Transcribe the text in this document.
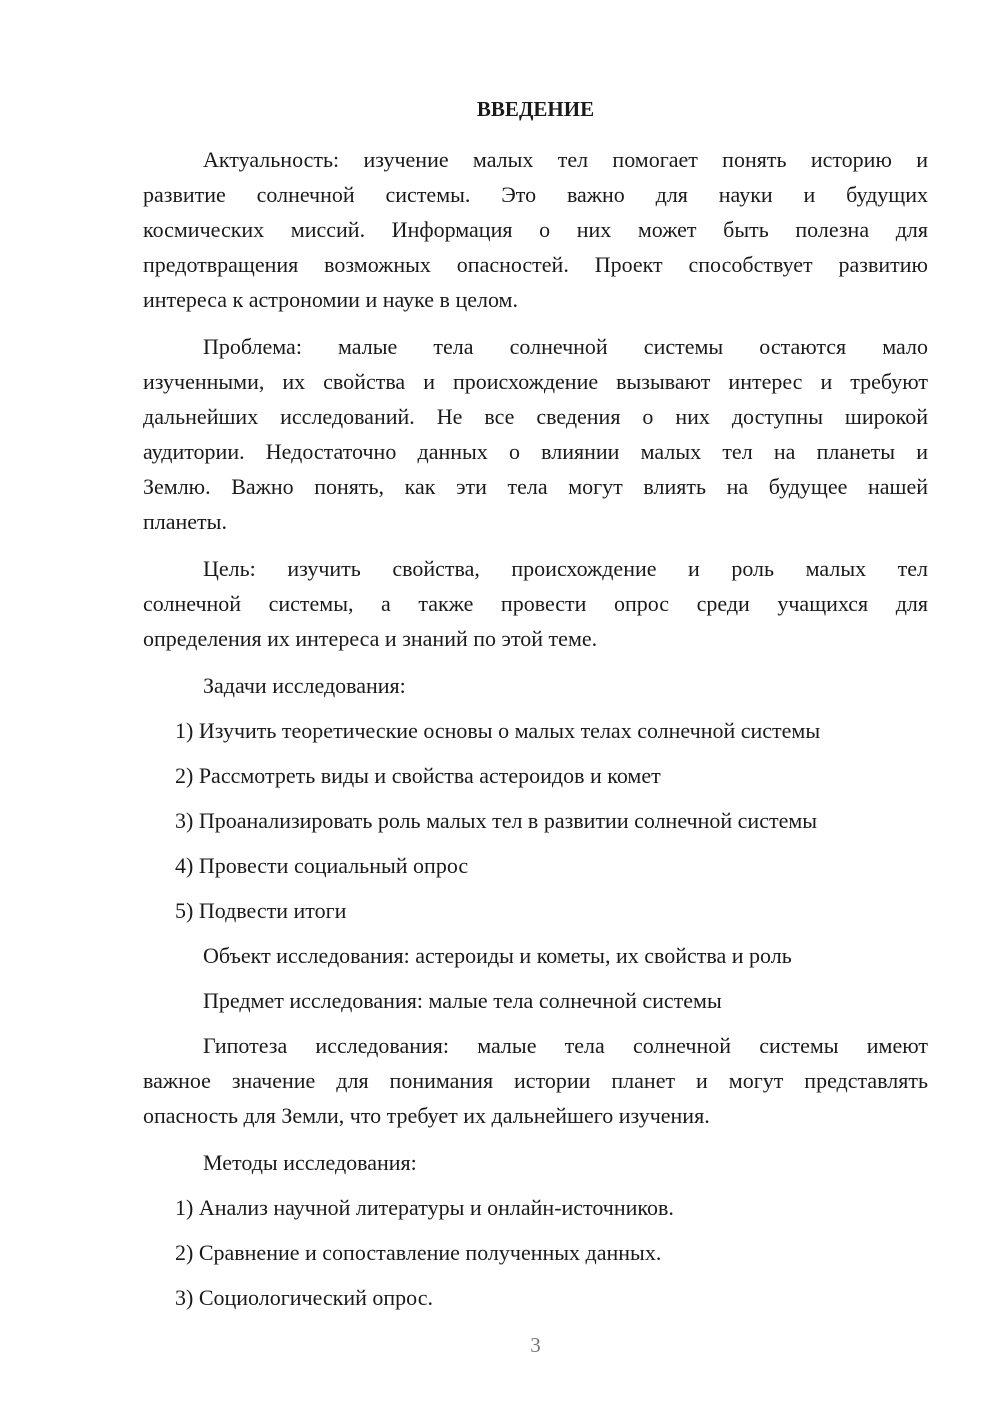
ВВЕДЕНИЕ
Актуальность: изучение малых тел помогает понять историю и
развитие солнечной системы. Это важно для науки и будущих
космических миссий. Информация о них может быть полезна для
предотвращения возможных опасностей. Проект способствует развитию
интереса к астрономии и науке в целом.
Проблема: малые тела солнечной системы остаются мало
изученными, их свойства и происхождение вызывают интерес и требуют
дальнейших исследований. Не все сведения о них доступны широкой
аудитории. Недостаточно данных о влиянии малых тел на планеты и
Землю. Важно понять, как эти тела могут влиять на будущее нашей
планеты.
Цель: изучить свойства, происхождение и роль малых тел
солнечной системы, а также провести опрос среди учащихся для
определения их интереса и знаний по этой теме.
Задачи исследования:
1) Изучить теоретические основы о малых телах солнечной системы
2) Рассмотреть виды и свойства астероидов и комет
3) Проанализировать роль малых тел в развитии солнечной системы
4) Провести социальный опрос
5) Подвести итоги
Объект исследования: астероиды и кометы, их свойства и роль
Предмет исследования: малые тела солнечной системы
Гипотеза исследования: малые тела солнечной системы имеют
важное значение для понимания истории планет и могут представлять
опасность для Земли, что требует их дальнейшего изучения.
Методы исследования:
1) Анализ научной литературы и онлайн-источников.
2) Сравнение и сопоставление полученных данных.
3) Социологический опрос.
3
